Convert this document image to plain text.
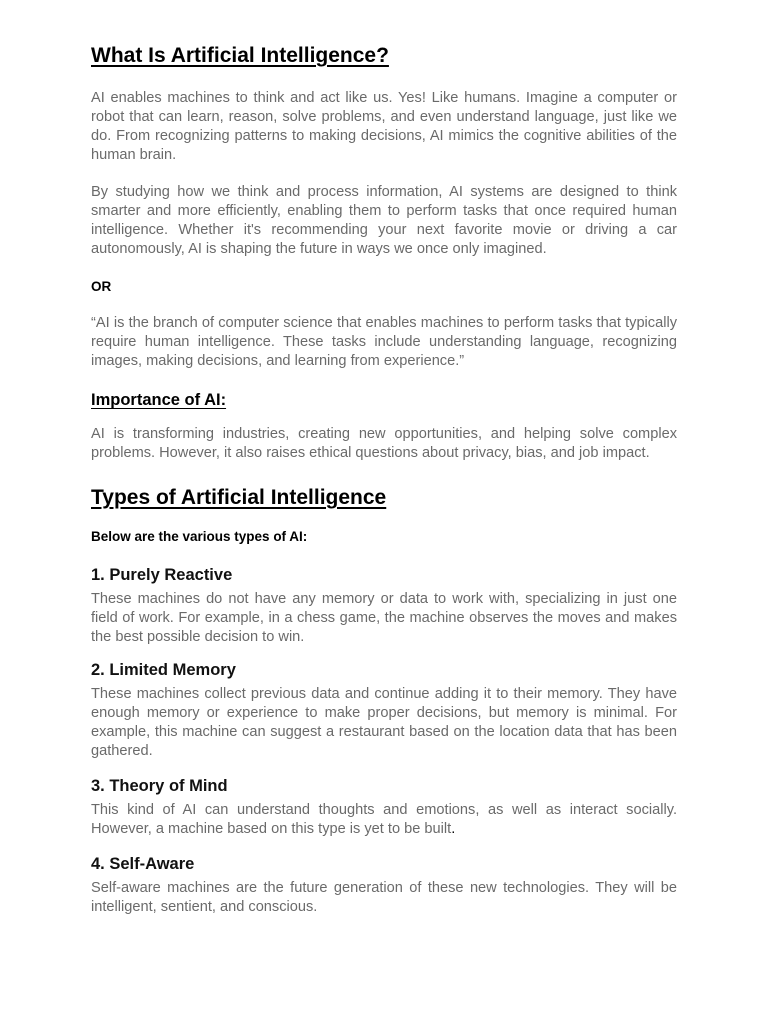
What Is Artificial Intelligence?

AI enables machines to think and act like us. Yes! Like humans. Imagine a computer or robot that can learn, reason, solve problems, and even understand language, just like we do. From recognizing patterns to making decisions, AI mimics the cognitive abilities of the human brain.

By studying how we think and process information, AI systems are designed to think smarter and more efficiently, enabling them to perform tasks that once required human intelligence. Whether it's recommending your next favorite movie or driving a car autonomously, AI is shaping the future in ways we once only imagined.

OR

“AI is the branch of computer science that enables machines to perform tasks that typically require human intelligence. These tasks include understanding language, recognizing images, making decisions, and learning from experience.”

Importance of AI:

AI is transforming industries, creating new opportunities, and helping solve complex problems. However, it also raises ethical questions about privacy, bias, and job impact.

Types of Artificial Intelligence
Below are the various types of AI:
1. Purely Reactive

These machines do not have any memory or data to work with, specializing in just one field of work. For example, in a chess game, the machine observes the moves and makes the best possible decision to win.

2. Limited Memory

These machines collect previous data and continue adding it to their memory. They have enough memory or experience to make proper decisions, but memory is minimal. For example, this machine can suggest a restaurant based on the location data that has been gathered.

3. Theory of Mind

This kind of AI can understand thoughts and emotions, as well as interact socially. However, a machine based on this type is yet to be built.

4. Self-Aware

Self-aware machines are the future generation of these new technologies. They will be intelligent, sentient, and conscious.
